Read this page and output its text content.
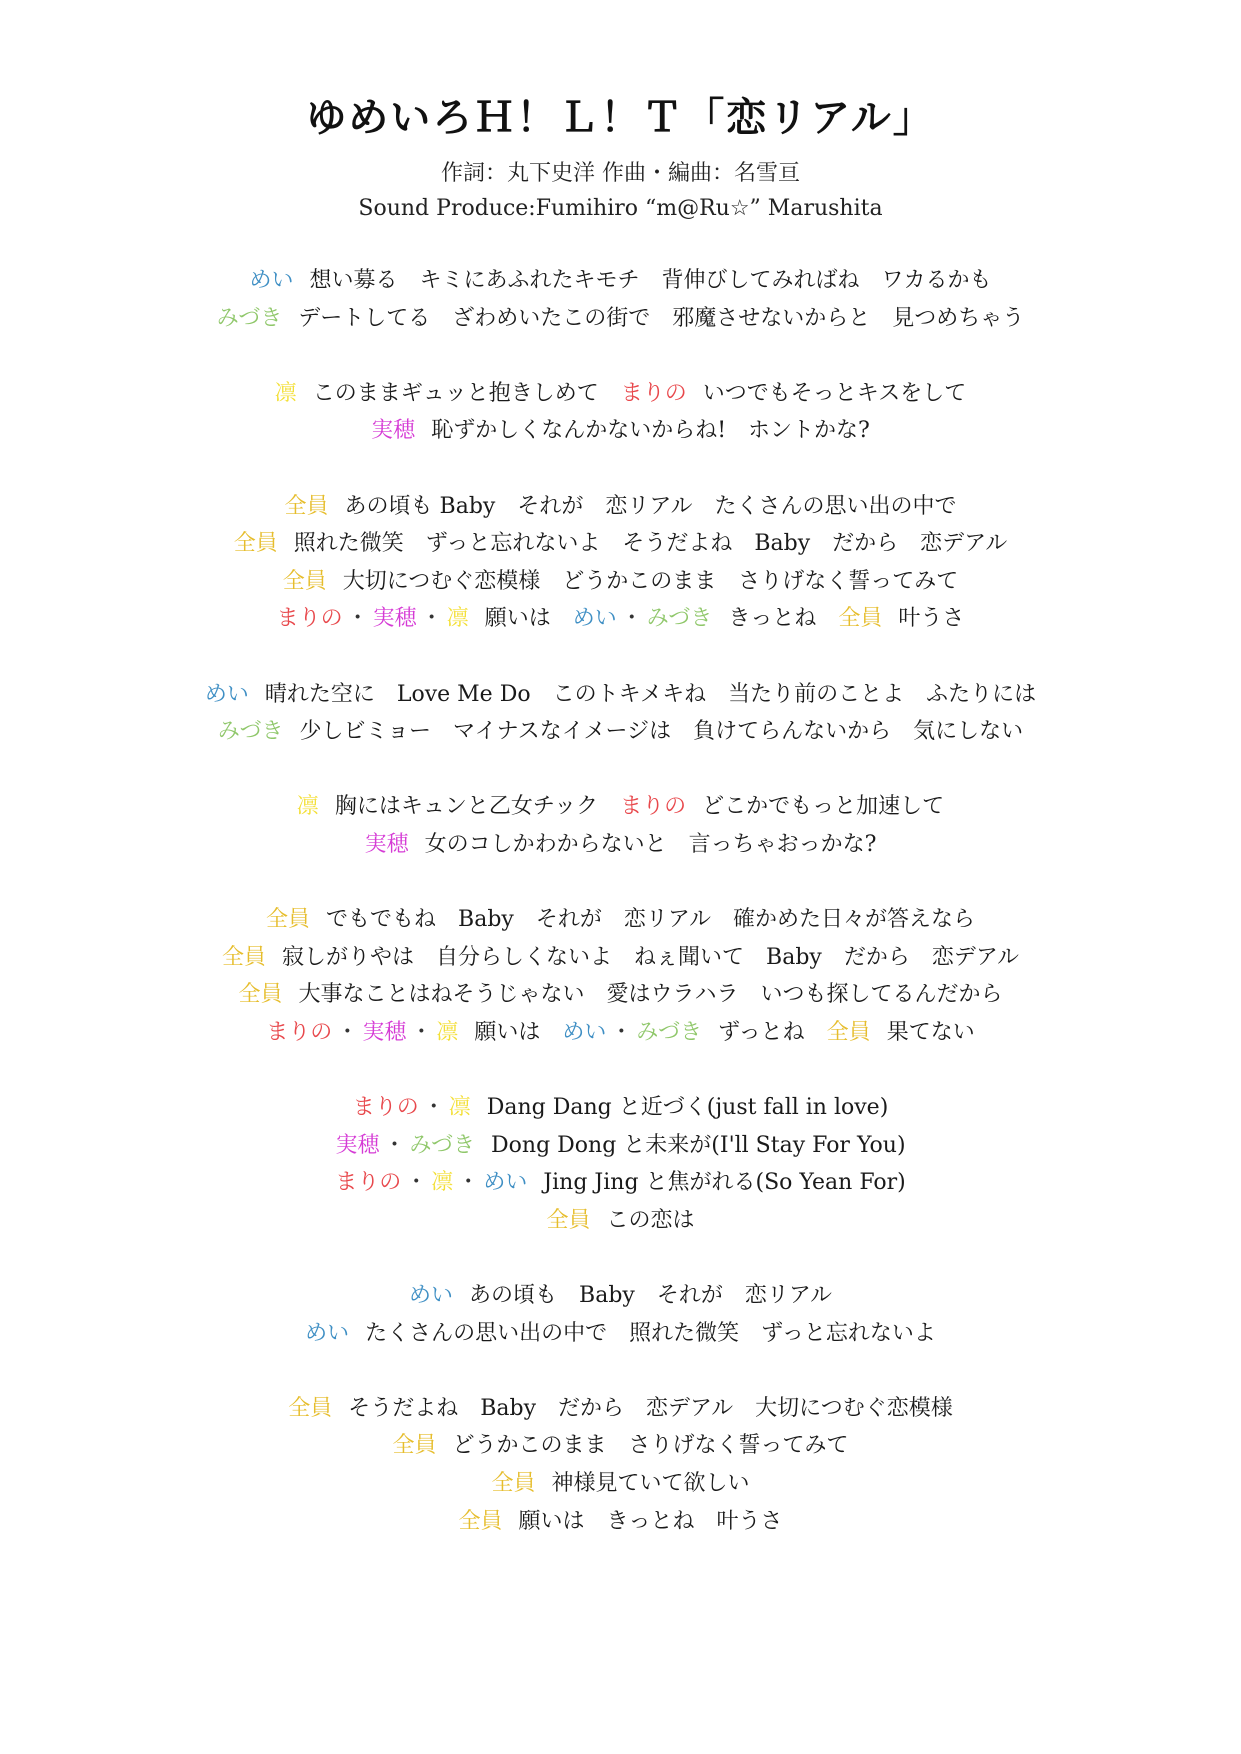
ゆめいろＨ！Ｌ！Ｔ「恋リアル」
作詞：丸下史洋 作曲・編曲：名雪亘
Sound Produce:Fumihiro “m@Ru☆” Marushita
めい 想い募る　キミにあふれたキモチ　背伸びしてみればね　ワカるかも
みづき デートしてる　ざわめいたこの街で　邪魔させないからと　見つめちゃう
凛 このままギュッと抱きしめて　まりの いつでもそっとキスをして
実穂 恥ずかしくなんかないからね!　ホントかな?
全員 あの頃も Baby　それが　恋リアル　たくさんの思い出の中で
全員 照れた微笑　ずっと忘れないよ　そうだよね　Baby　だから　恋デアル
全員 大切につむぐ恋模様　どうかこのまま　さりげなく誓ってみて
まりの ・ 実穂 ・ 凛 願いは　めい ・ みづき きっとね　全員 叶うさ
めい 晴れた空に　Love Me Do　このトキメキね　当たり前のことよ　ふたりには
みづき 少しビミョー　マイナスなイメージは　負けてらんないから　気にしない
凛 胸にはキュンと乙女チック　まりの どこかでもっと加速して
実穂 女のコしかわからないと　言っちゃおっかな?
全員 でもでもね　Baby　それが　恋リアル　確かめた日々が答えなら
全員 寂しがりやは　自分らしくないよ　ねぇ聞いて　Baby　だから　恋デアル
全員 大事なことはねそうじゃない　愛はウラハラ　いつも探してるんだから
まりの ・ 実穂 ・ 凛 願いは　めい ・ みづき ずっとね　全員 果てない
まりの ・ 凛 Dang Dang と近づく(just fall in love)
実穂 ・ みづき Dong Dong と未来が(I'll Stay For You)
まりの ・ 凛 ・ めい Jing Jing と焦がれる(So Yean For)
全員 この恋は
めい あの頃も　Baby　それが　恋リアル
めい たくさんの思い出の中で　照れた微笑　ずっと忘れないよ
全員 そうだよね　Baby　だから　恋デアル　大切につむぐ恋模様
全員 どうかこのまま　さりげなく誓ってみて
全員 神様見ていて欲しい
全員 願いは　きっとね　叶うさ
